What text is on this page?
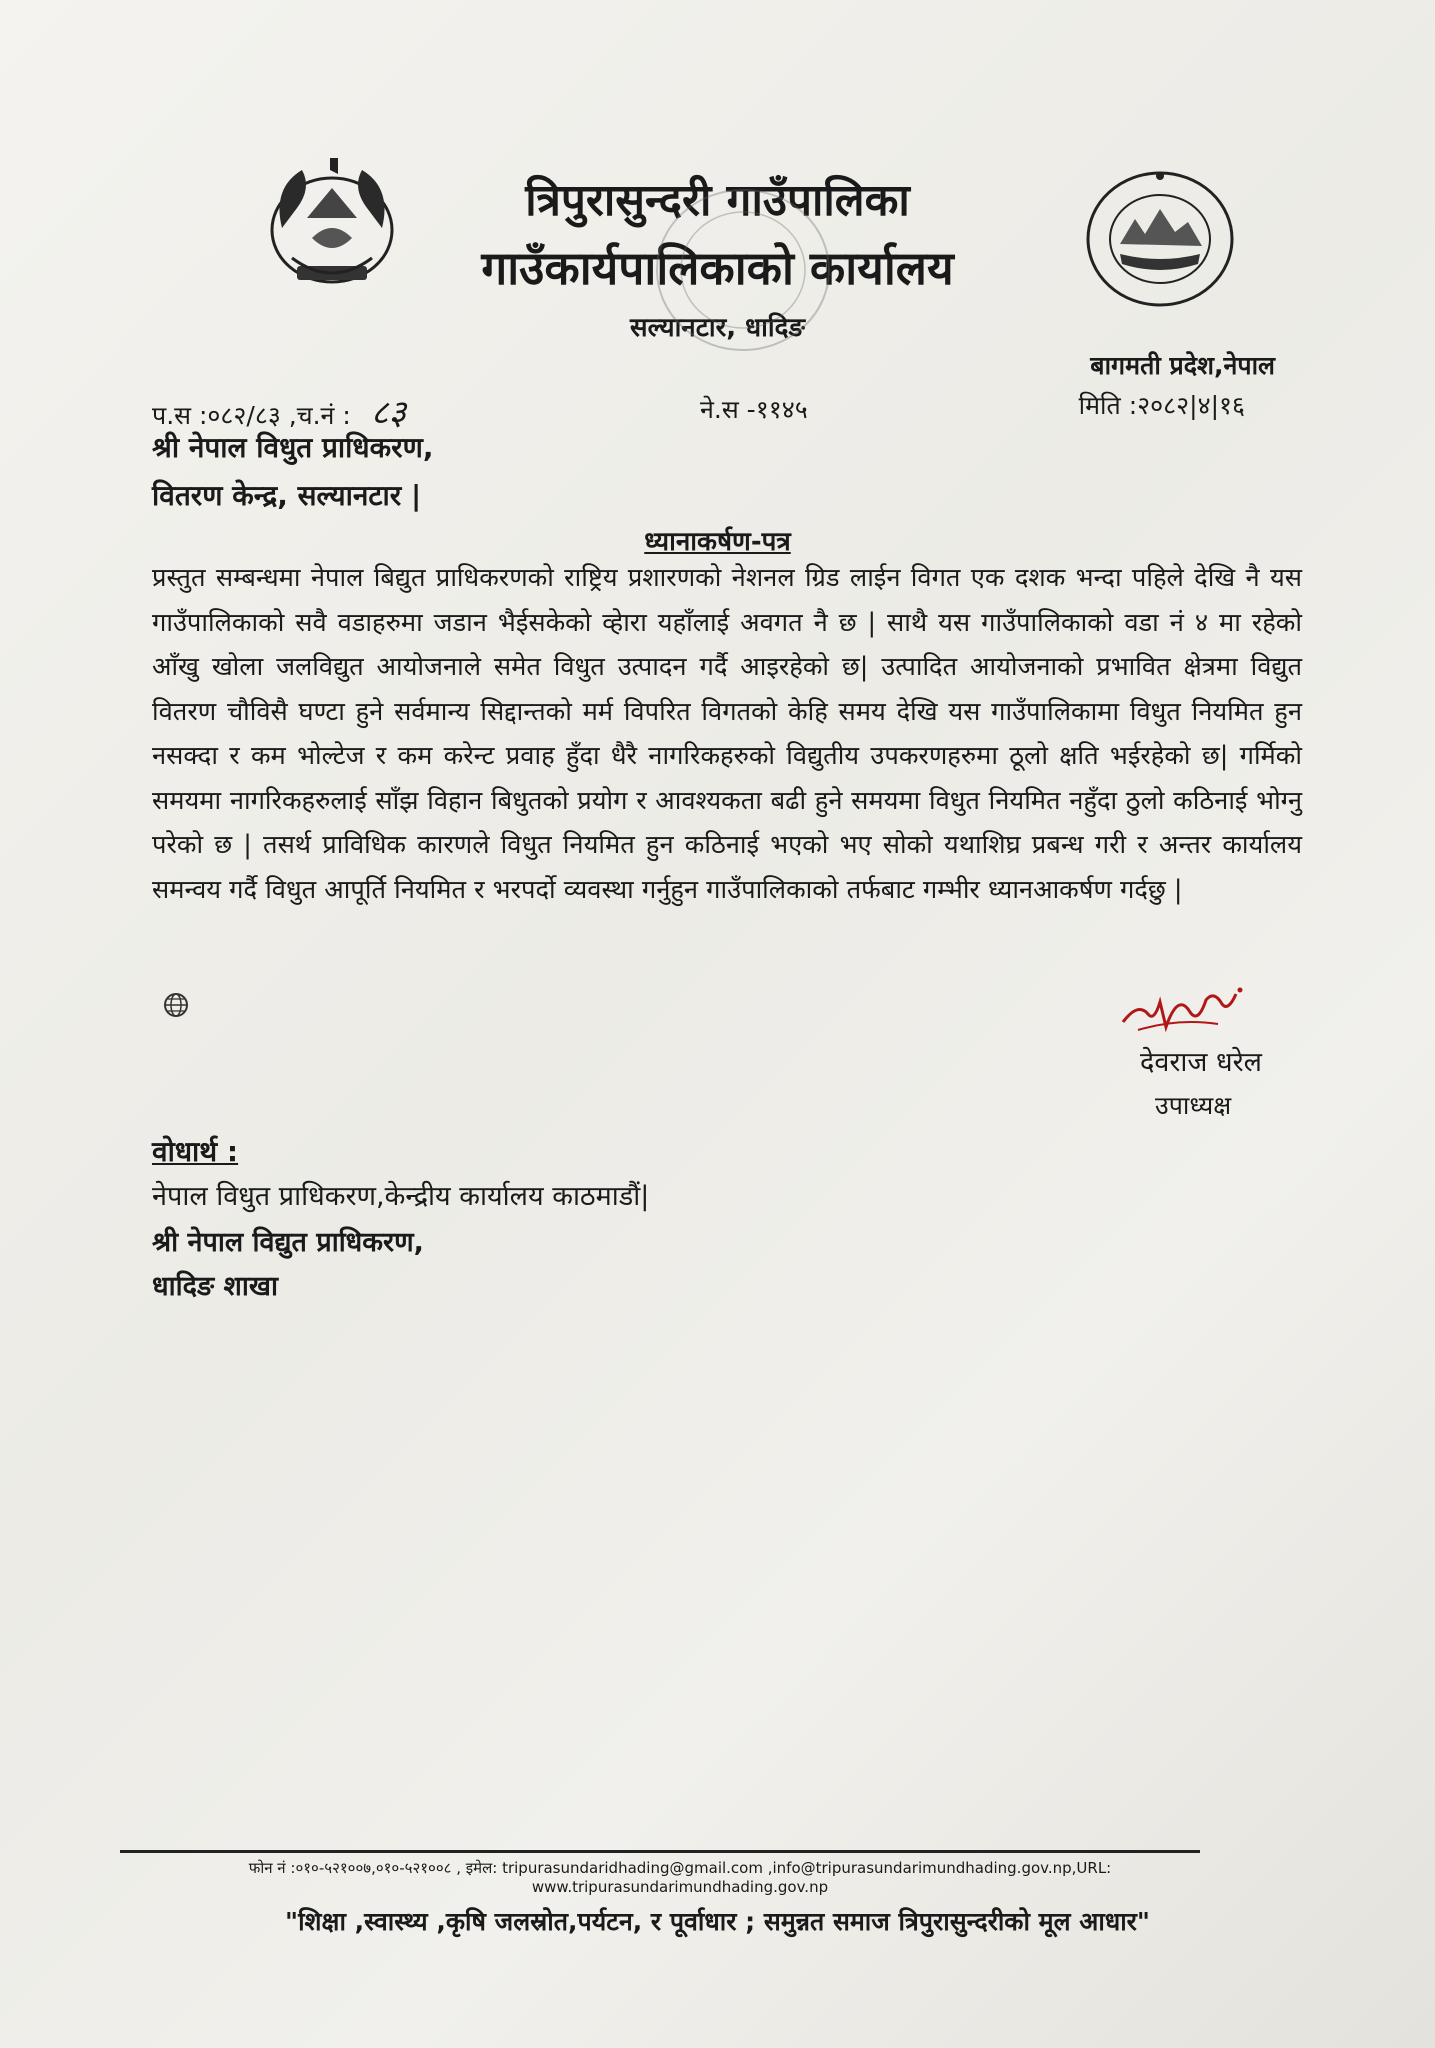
त्रिपुरासुन्दरी गाउँपालिका
गाउँकार्यपालिकाको कार्यालय
सल्यानटार, धादिङ
बागमती प्रदेश,नेपाल
प.स :०८२/८३ ,च.नं : ८३	ने.स -११४५	मिति :२०८२|४|१६
श्री नेपाल विधुत प्राधिकरण,
वितरण केन्द्र, सल्यानटार |
ध्यानाकर्षण-पत्र
प्रस्तुत सम्बन्धमा नेपाल बिद्युत प्राधिकरणको राष्ट्रिय प्रशारणको नेशनल ग्रिड लाईन विगत एक दशक भन्दा पहिले देखि नै यस गाउँपालिकाको सवै वडाहरुमा जडान भैईसकेको व्हेारा यहाँलाई अवगत नै छ | साथै यस गाउँपालिकाको वडा नं ४ मा रहेको आँखु खोला जलविद्युत आयोजनाले समेत विधुत उत्पादन गर्दै आइरहेको छ| उत्पादित आयोजनाको प्रभावित क्षेत्रमा विद्युत वितरण चौविसै घण्टा हुने सर्वमान्य सिद्दान्तको मर्म विपरित विगतको केहि समय देखि यस गाउँपालिकामा विधुत नियमित हुन नसक्दा र कम भोल्टेज र कम करेन्ट प्रवाह हुँदा धैरै नागरिकहरुको विद्युतीय उपकरणहरुमा ठूलो क्षति भईरहेको छ| गर्मिको समयमा नागरिकहरुलाई साँझ विहान बिधुतको प्रयोग र आवश्यकता बढी हुने समयमा विधुत नियमित नहुँदा ठुलो कठिनाई भोग्नु परेको छ | तसर्थ प्राविधिक कारणले विधुत नियमित हुन कठिनाई भएको भए सोको यथाशिघ्र प्रबन्ध गरी र अन्तर कार्यालय समन्वय गर्दै विधुत आपूर्ति नियमित र भरपर्दो व्यवस्था गर्नुहुन गाउँपालिकाको तर्फबाट गम्भीर ध्यानआकर्षण गर्दछु |
देवराज धरेल
उपाध्यक्ष
वोधार्थ :
नेपाल विधुत प्राधिकरण,केन्द्रीय कार्यालय काठमाडौं|
श्री नेपाल विद्युत प्राधिकरण,
धादिङ शाखा
फोन नं :०१०-५२१००७,०१०-५२१००८ , इमेल: tripurasundaridhading@gmail.com ,info@tripurasundarimundhading.gov.np,URL: www.tripurasundarimundhading.gov.np
"शिक्षा ,स्वास्थ्य ,कृषि जलस्रोत,पर्यटन, र पूर्वाधार ; समुन्नत समाज त्रिपुरासुन्दरीको मूल आधार"
